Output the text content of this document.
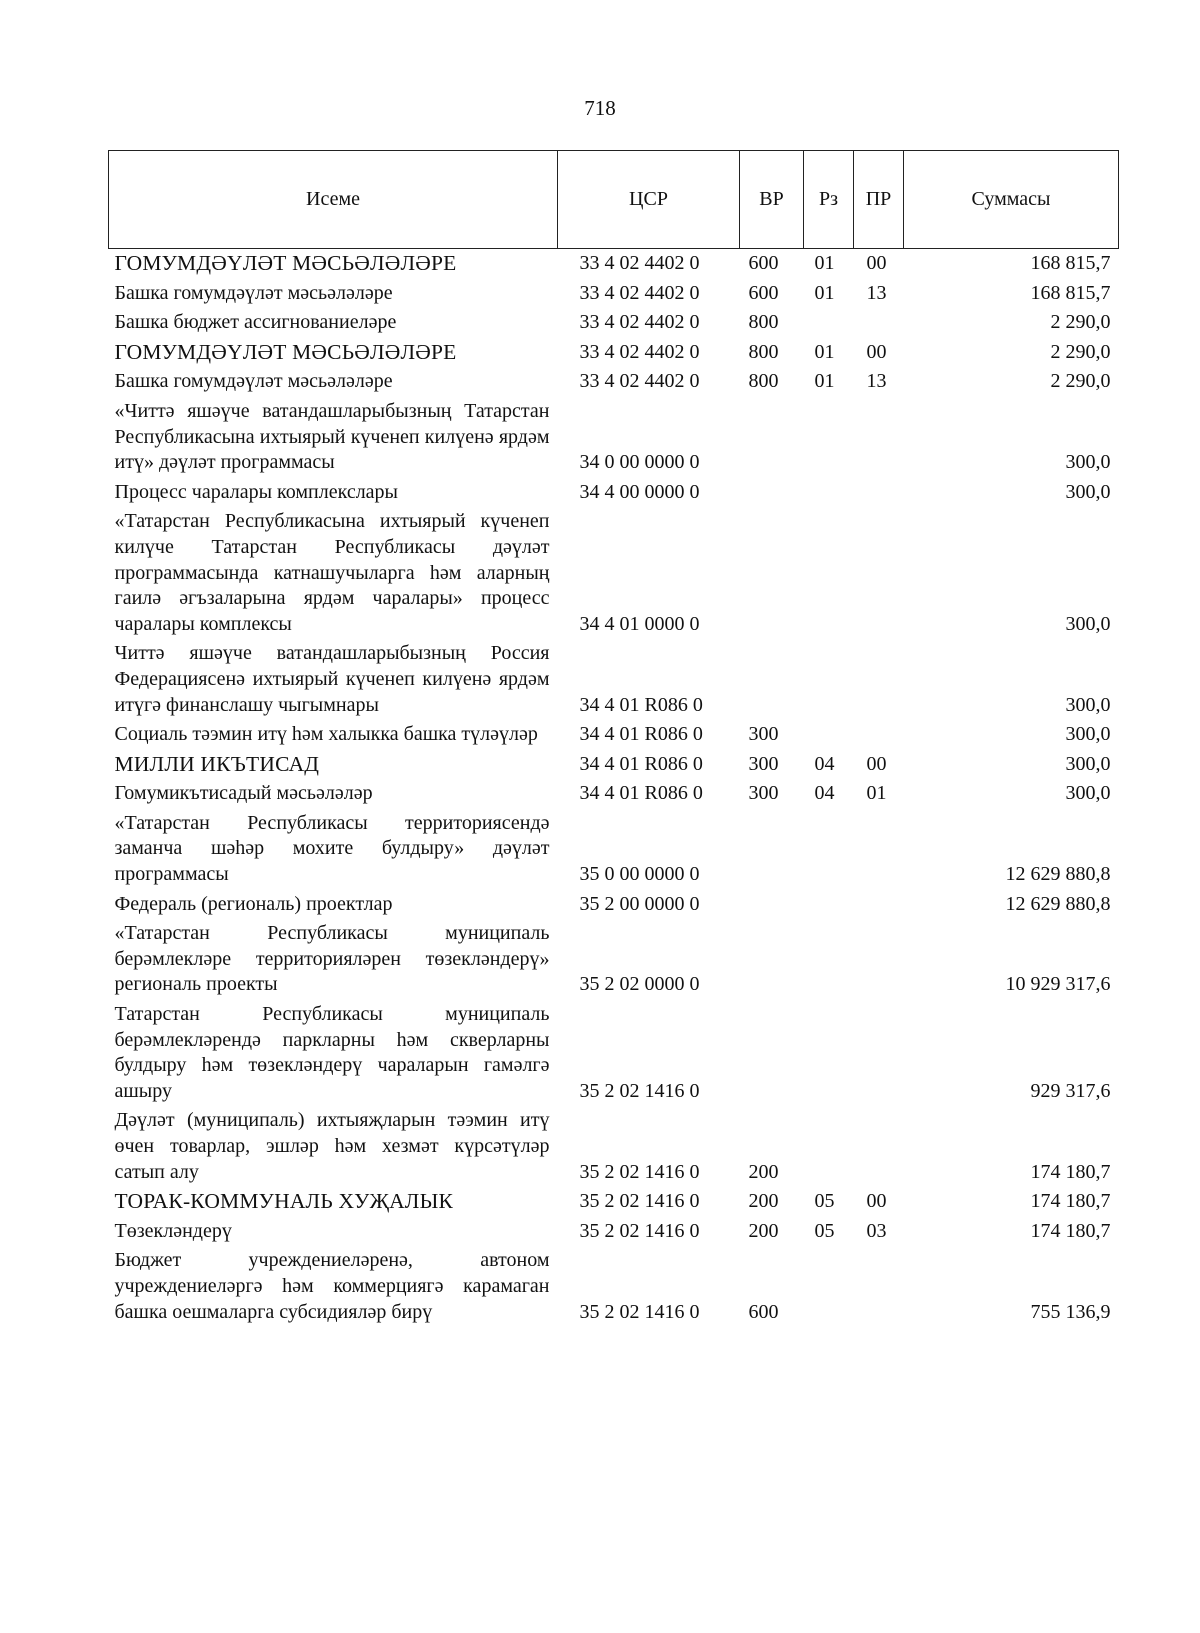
718
Исеме	ЦСР	ВР	Рз	ПР	Суммасы
ГОМУМДӘҮЛӘТ МӘСЬӘЛӘЛӘРЕ	33 4 02 4402 0	600	01	00	168 815,7
Башка гомумдәүләт мәсьәләләре	33 4 02 4402 0	600	01	13	168 815,7
Башка бюджет ассигнованиеләре	33 4 02 4402 0	800			2 290,0
ГОМУМДӘҮЛӘТ МӘСЬӘЛӘЛӘРЕ	33 4 02 4402 0	800	01	00	2 290,0
Башка гомумдәүләт мәсьәләләре	33 4 02 4402 0	800	01	13	2 290,0
«Читтә яшәүче ватандашларыбызның Татарстан Республикасына ихтыярый күченеп килүенә ярдәм итү» дәүләт программасы	34 0 00 0000 0				300,0
Процесс чаралары комплекслары	34 4 00 0000 0				300,0
«Татарстан Республикасына ихтыярый күченеп килүче Татарстан Республикасы дәүләт программасында катнашучыларга һәм аларның гаилә әгъзаларына ярдәм чаралары» процесс чаралары комплексы	34 4 01 0000 0				300,0
Читтә яшәүче ватандашларыбызның Россия Федерациясенә ихтыярый күченеп килүенә ярдәм итүгә финанслашу чыгымнары	34 4 01 R086 0				300,0
Социаль тәэмин итү һәм халыкка башка түләүләр	34 4 01 R086 0	300			300,0
МИЛЛИ ИКЪТИСАД	34 4 01 R086 0	300	04	00	300,0
Гомумикътисадый мәсьәләләр	34 4 01 R086 0	300	04	01	300,0
«Татарстан Республикасы территориясендә заманча шәһәр мохите булдыру» дәүләт программасы	35 0 00 0000 0				12 629 880,8
Федераль (региональ) проектлар	35 2 00 0000 0				12 629 880,8
«Татарстан Республикасы муниципаль берәмлекләре территорияләрен төзекләндерү» региональ проекты	35 2 02 0000 0				10 929 317,6
Татарстан Республикасы муниципаль берәмлекләрендә паркларны һәм скверларны булдыру һәм төзекләндерү чараларын гамәлгә ашыру	35 2 02 1416 0				929 317,6
Дәүләт (муниципаль) ихтыяҗларын тәэмин итү өчен товарлар, эшләр һәм хезмәт күрсәтүләр сатып алу	35 2 02 1416 0	200			174 180,7
ТОРАК-КОММУНАЛЬ ХУҖАЛЫК	35 2 02 1416 0	200	05	00	174 180,7
Төзекләндерү	35 2 02 1416 0	200	05	03	174 180,7
Бюджет учреждениеләренә, автоном учреждениеләргә һәм коммерциягә карамаган башка оешмаларга субсидияләр бирү	35 2 02 1416 0	600			755 136,9
